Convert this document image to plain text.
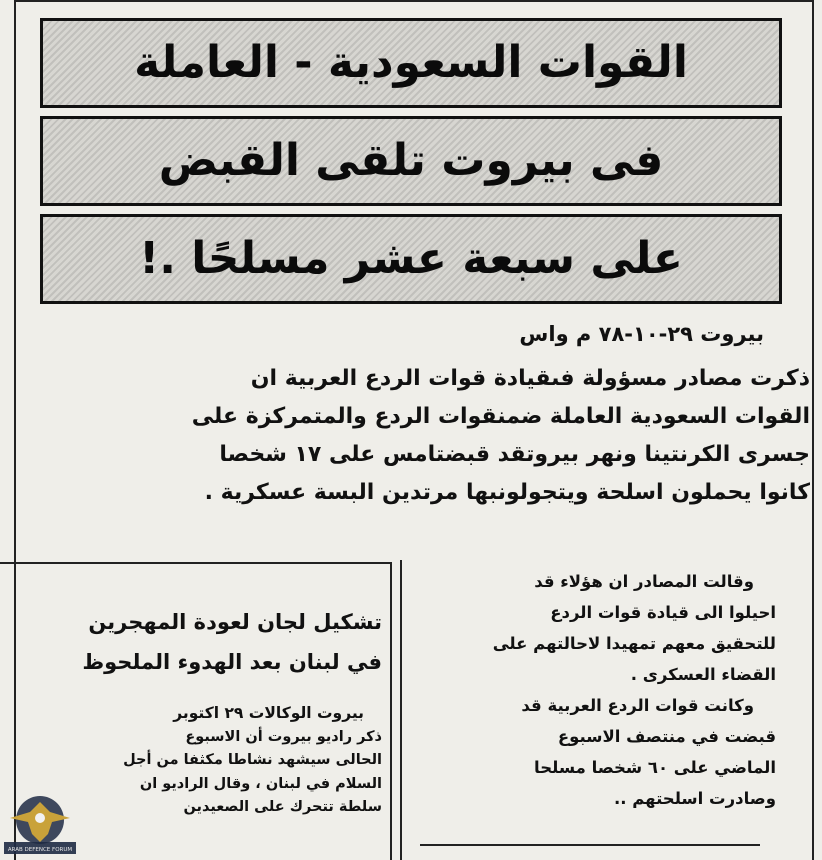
القوات السعودية - العاملة
فى بيروت تلقى القبض
على سبعة عشر مسلحًا .!
بيروت ٢٩-١٠-٧٨ م واس
ذكرت مصادر مسؤولة فىقيادة قوات الردع العربية ان
القوات السعودية العاملة ضمنقوات الردع والمتمركزة على
جسرى الكرنتينا ونهر بيروتقد قبضتامس على ١٧ شخصا
كانوا يحملون اسلحة ويتجولونبها مرتدين البسة عسكرية .
وقالت المصادر ان هؤلاء قد
احيلوا الى قيادة قوات الردع
للتحقيق معهم تمهيدا لاحالتهم على
القضاء العسكرى .
وكانت قوات الردع العربية قد
قبضت في منتصف الاسبوع
الماضي على ٦٠ شخصا مسلحا
وصادرت اسلحتهم ..
تشكيل لجان لعودة المهجرين
في لبنان بعد الهدوء الملحوظ
بيروت الوكالات ٢٩ اكتوبر
ذكر راديو بيروت أن الاسبوع
الحالى سيشهد نشاطا مكثفا من أجل
السلام في لبنان ، وقال الراديو ان
سلطة تتحرك على الصعيدين
ARAB DEFENCE FORUM
